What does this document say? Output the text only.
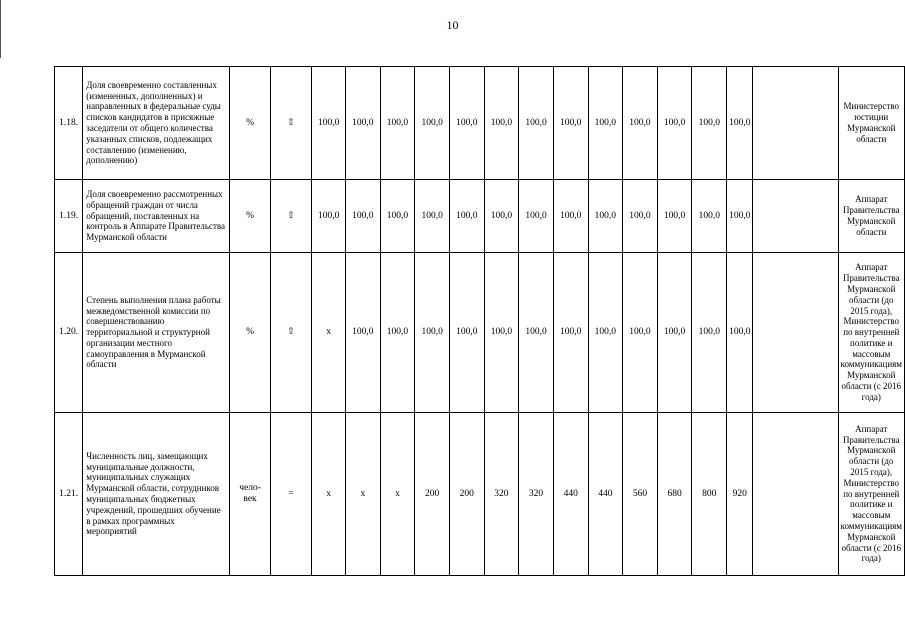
10
1.18.	Доля своевременно составленных (измененных, дополненных) и направленных в федеральные суды списков кандидатов в присяжные заседатели от общего количества указанных списков, подлежащих составлению (изменению, дополнению)	%	⇧	100,0	100,0	100,0	100,0	100,0	100,0	100,0	100,0	100,0	100,0	100,0	100,0	100,0		Министерство юстиции Мурманской области
1.19.	Доля своевременно рассмотренных обращений граждан от числа обращений, поставленных на контроль в Аппарате Правительства Мурманской области	%	⇧	100,0	100,0	100,0	100,0	100,0	100,0	100,0	100,0	100,0	100,0	100,0	100,0	100,0		Аппарат Правительства Мурманской области
1.20.	Степень выполнения плана работы межведомственной комиссии по совершенствованию территориальной и структурной организации местного самоуправления в Мурманской области	%	⇧	х	100,0	100,0	100,0	100,0	100,0	100,0	100,0	100,0	100,0	100,0	100,0	100,0		Аппарат Правительства Мурманской области (до 2015 года), Министерство по внутренней политике и массовым коммуникациям Мурманской области (с 2016 года)
1.21.	Численность лиц, замещающих муниципальные должности, муниципальных служащих Мурманской области, сотрудников муниципальных бюджетных учреждений, прошедших обучение в рамках программных мероприятий	чело-
век	=	х	х	х	200	200	320	320	440	440	560	680	800	920		Аппарат Правительства Мурманской области (до 2015 года), Министерство по внутренней политике и массовым коммуникациям Мурманской области (с 2016 года)
